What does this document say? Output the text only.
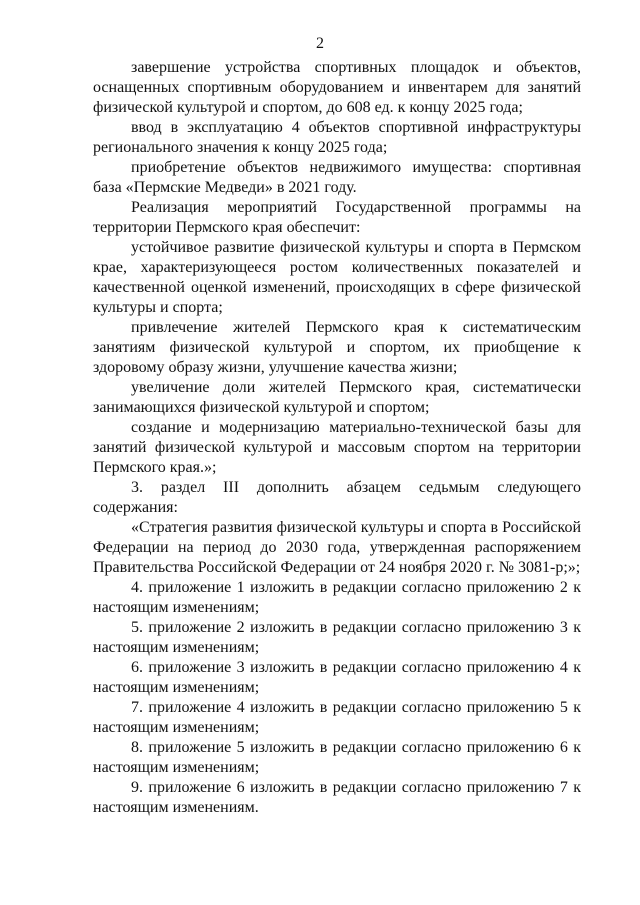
2

завершение устройства спортивных площадок и объектов, оснащенных спортивным оборудованием и инвентарем для занятий физической культурой и спортом, до 608 ед. к концу 2025 года;

ввод в эксплуатацию 4 объектов спортивной инфраструктуры регионального значения к концу 2025 года;

приобретение объектов недвижимого имущества: спортивная база «Пермские Медведи» в 2021 году.

Реализация мероприятий Государственной программы на территории Пермского края обеспечит:

устойчивое развитие физической культуры и спорта в Пермском крае, характеризующееся ростом количественных показателей и качественной оценкой изменений, происходящих в сфере физической культуры и спорта;

привлечение жителей Пермского края к систематическим занятиям физической культурой и спортом, их приобщение к здоровому образу жизни, улучшение качества жизни;

увеличение доли жителей Пермского края, систематически занимающихся физической культурой и спортом;

создание и модернизацию материально-технической базы для занятий физической культурой и массовым спортом на территории Пермского края.»;

3. раздел III дополнить абзацем седьмым следующего содержания:

«Стратегия развития физической культуры и спорта в Российской Федерации на период до 2030 года, утвержденная распоряжением Правительства Российской Федерации от 24 ноября 2020 г. № 3081-р;»;

4. приложение 1 изложить в редакции согласно приложению 2 к настоящим изменениям;

5. приложение 2 изложить в редакции согласно приложению 3 к настоящим изменениям;

6. приложение 3 изложить в редакции согласно приложению 4 к настоящим изменениям;

7. приложение 4 изложить в редакции согласно приложению 5 к настоящим изменениям;

8. приложение 5 изложить в редакции согласно приложению 6 к настоящим изменениям;

9. приложение 6 изложить в редакции согласно приложению 7 к настоящим изменениям.
